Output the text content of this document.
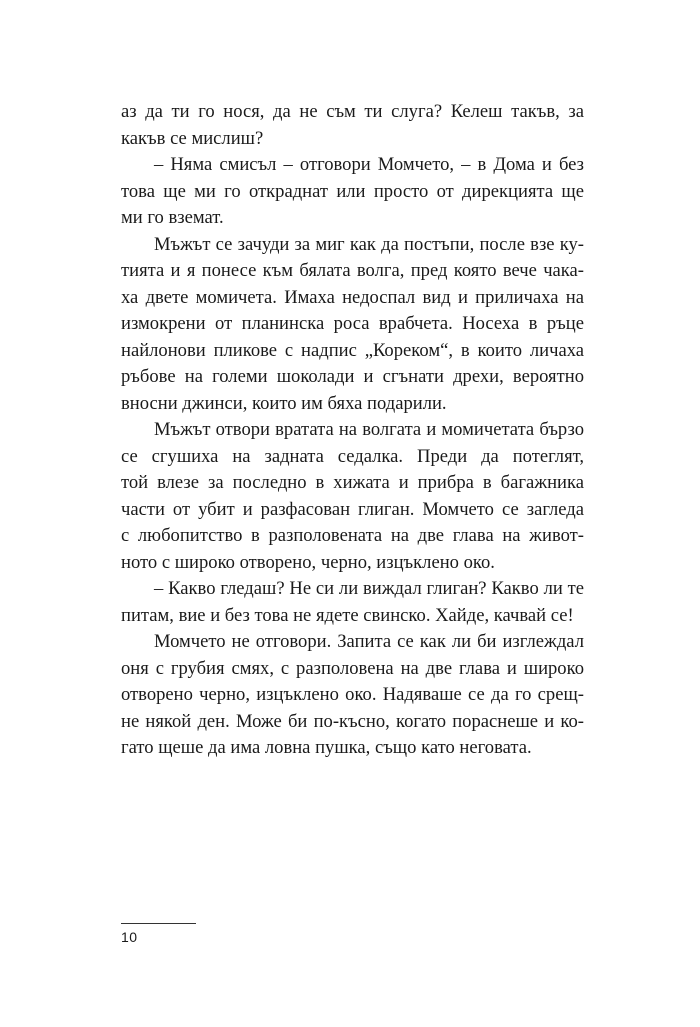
аз да ти го нося, да не съм ти слуга? Келеш такъв, за
какъв се мислиш?
– Няма смисъл – отговори Момчето, – в Дома и без
това ще ми го откраднат или просто от дирекцията ще
ми го вземат.
Мъжът се зачуди за миг как да постъпи, после взе ку-
тията и я понесе към бялата волга, пред която вече чака-
ха двете момичета. Имаха недоспал вид и приличаха на
измокрени от планинска роса врабчета. Носеха в ръце
найлонови пликове с надпис „Кореком“, в които личаха
ръбове на големи шоколади и сгънати дрехи, вероятно
вносни джинси, които им бяха подарили.
Мъжът отвори вратата на волгата и момичетата бързо
се сгушиха на задната седалка. Преди да потеглят,
той влезе за последно в хижата и прибра в багажника
части от убит и разфасован глиган. Момчето се загледа
с любопитство в разполовената на две глава на живот-
ното с широко отворено, черно, изцъклено око.
– Какво гледаш? Не си ли виждал глиган? Какво ли те
питам, вие и без това не ядете свинско. Хайде, качвай се!
Момчето не отговори. Запита се как ли би изглеждал
оня с грубия смях, с разполовена на две глава и широко
отворено черно, изцъклено око. Надяваше се да го срещ-
не някой ден. Може би по-късно, когато пораснеше и ко-
гато щеше да има ловна пушка, също като неговата.
10
